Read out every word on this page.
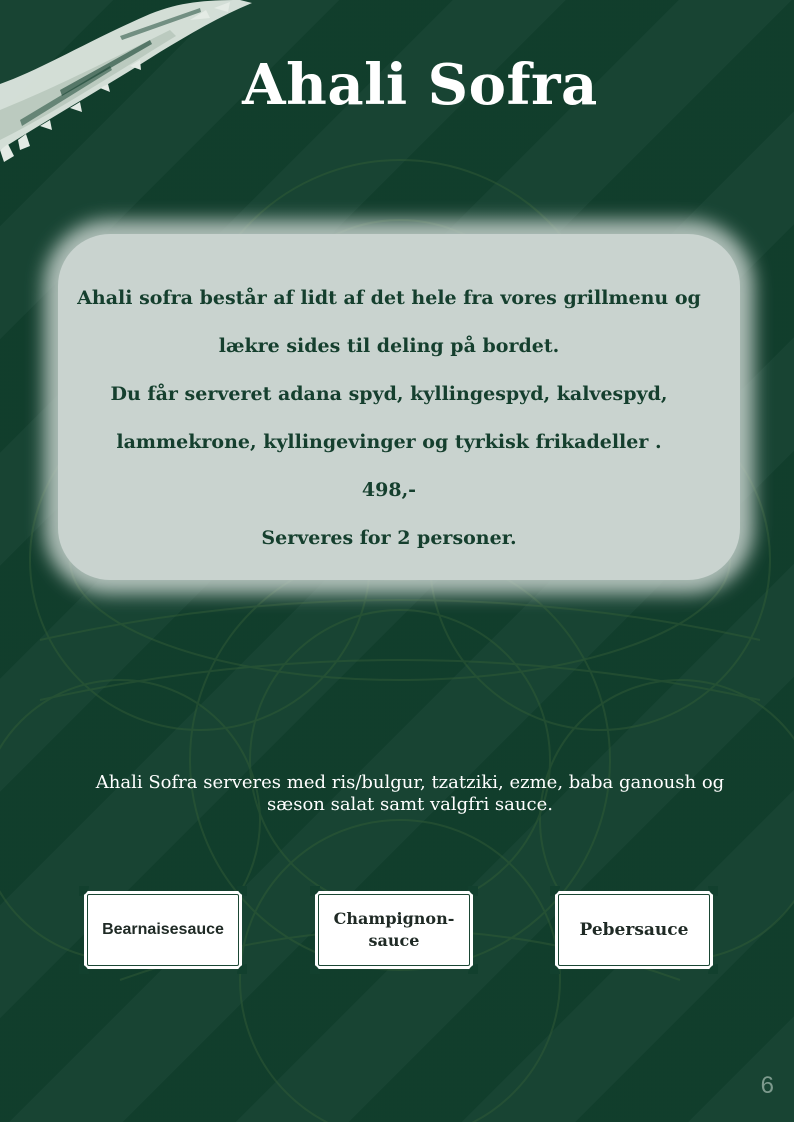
Ahali Sofra

Ahali sofra består af lidt af det hele fra vores grillmenu og

lækre sides til deling på bordet.

Du får serveret adana spyd, kyllingespyd, kalvespyd,

lammekrone, kyllingevinger og tyrkisk frikadeller .

498,-

Serveres for 2 personer.

Ahali Sofra serveres med ris/bulgur, tzatziki, ezme, baba ganoush og
sæson salat samt valgfri sauce.
Bearnaisesauce
Champignon-sauce
Pebersauce
6
